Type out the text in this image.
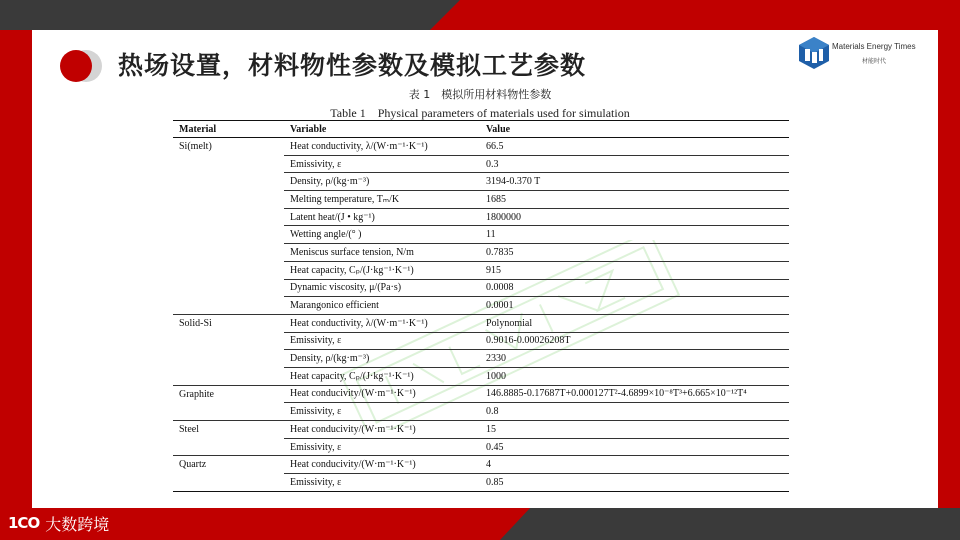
热场设置，材料物性参数及模拟工艺参数
Materials Energy Times
材能时代
表 1　模拟所用材料物性参数
Table 1　Physical parameters of materials used for simulation
Material	Variable	Value
Si(melt)	Heat conductivity, λ/(W·m⁻¹·K⁻¹)	66.5
	Emissivity, ε	0.3
	Density, ρ/(kg·m⁻³)	3194-0.370 T
	Melting temperature, Tₘ/K	1685
	Latent heat/(J • kg⁻¹)	1800000
	Wetting angle/(° )	11
	Meniscus surface tension, N/m	0.7835
	Heat capacity, Cₚ/(J·kg⁻¹·K⁻¹)	915
	Dynamic viscosity, μ/(Pa·s)	0.0008
	Marangonico efficient	0.0001
Solid-Si	Heat conductivity, λ/(W·m⁻¹·K⁻¹)	Polynomial
	Emissivity, ε	0.9016-0.00026208T
	Density, ρ/(kg·m⁻³)	2330
	Heat capacity, Cₚ/(J·kg⁻¹·K⁻¹)	1000
Graphite	Heat conducivity/(W·m⁻¹·K⁻¹)	146.8885-0.17687T+0.000127T²-4.6899×10⁻⁸T³+6.665×10⁻¹²T⁴
	Emissivity, ε	0.8
Steel	Heat conducivity/(W·m⁻¹·K⁻¹)	15
	Emissivity, ε	0.45
Quartz	Heat conducivity/(W·m⁻¹·K⁻¹)	4
	Emissivity, ε	0.85
1CO 大数跨境
